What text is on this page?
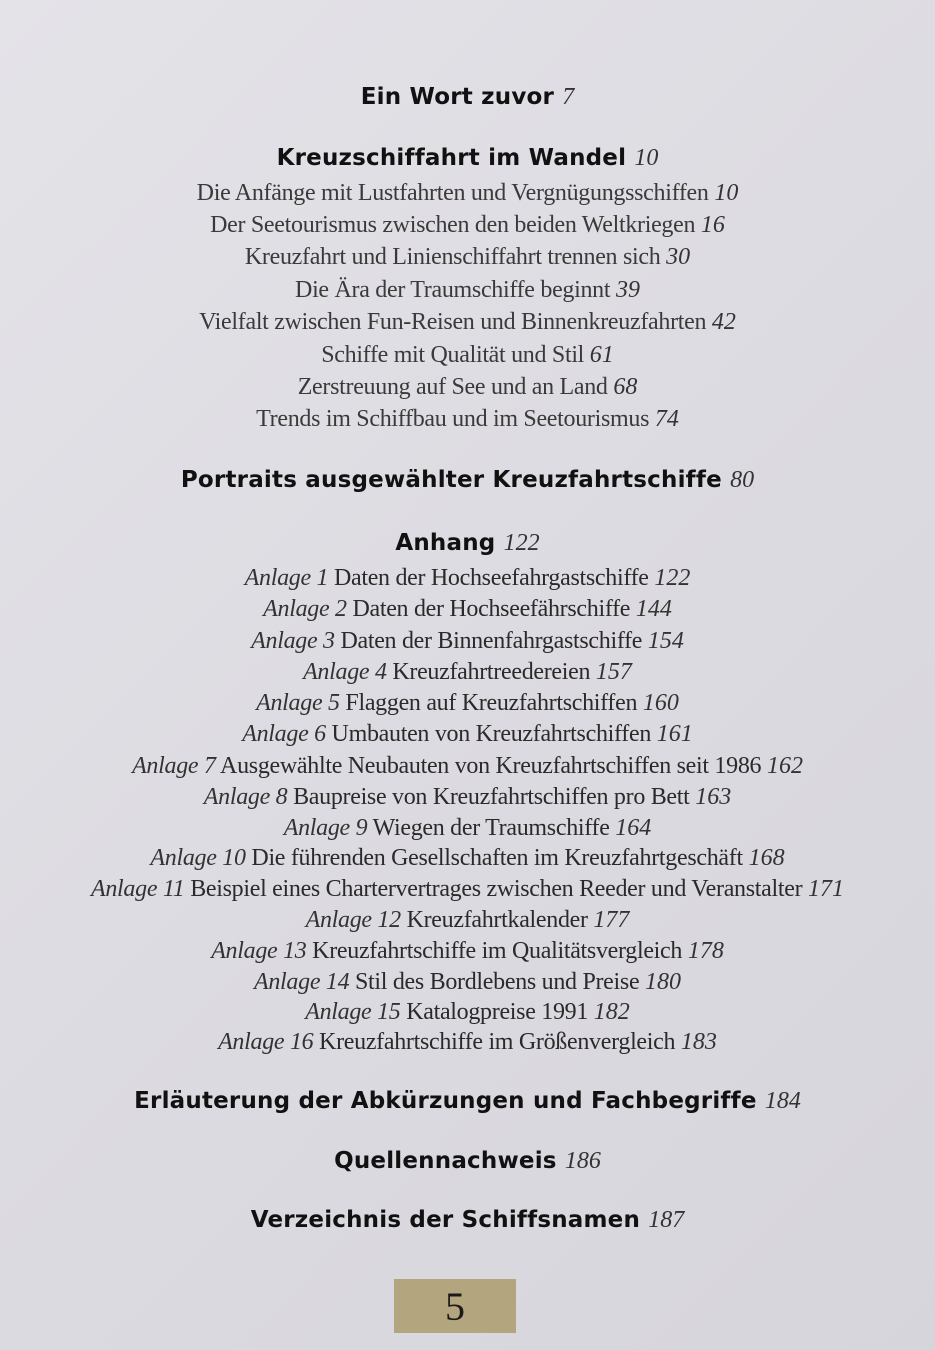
Ein Wort zuvor 7
Kreuzschiffahrt im Wandel 10
Die Anfänge mit Lustfahrten und Vergnügungsschiffen 10
Der Seetourismus zwischen den beiden Weltkriegen 16
Kreuzfahrt und Linienschiffahrt trennen sich 30
Die Ära der Traumschiffe beginnt 39
Vielfalt zwischen Fun-Reisen und Binnenkreuzfahrten 42
Schiffe mit Qualität und Stil 61
Zerstreuung auf See und an Land 68
Trends im Schiffbau und im Seetourismus 74
Portraits ausgewählter Kreuzfahrtschiffe 80
Anhang 122
Anlage 1 Daten der Hochseefahrgastschiffe 122
Anlage 2 Daten der Hochseefährschiffe 144
Anlage 3 Daten der Binnenfahrgastschiffe 154
Anlage 4 Kreuzfahrtreedereien 157
Anlage 5 Flaggen auf Kreuzfahrtschiffen 160
Anlage 6 Umbauten von Kreuzfahrtschiffen 161
Anlage 7 Ausgewählte Neubauten von Kreuzfahrtschiffen seit 1986 162
Anlage 8 Baupreise von Kreuzfahrtschiffen pro Bett 163
Anlage 9 Wiegen der Traumschiffe 164
Anlage 10 Die führenden Gesellschaften im Kreuzfahrtgeschäft 168
Anlage 11 Beispiel eines Chartervertrages zwischen Reeder und Veranstalter 171
Anlage 12 Kreuzfahrtkalender 177
Anlage 13 Kreuzfahrtschiffe im Qualitätsvergleich 178
Anlage 14 Stil des Bordlebens und Preise 180
Anlage 15 Katalogpreise 1991 182
Anlage 16 Kreuzfahrtschiffe im Größenvergleich 183
Erläuterung der Abkürzungen und Fachbegriffe 184
Quellennachweis 186
Verzeichnis der Schiffsnamen 187
5
